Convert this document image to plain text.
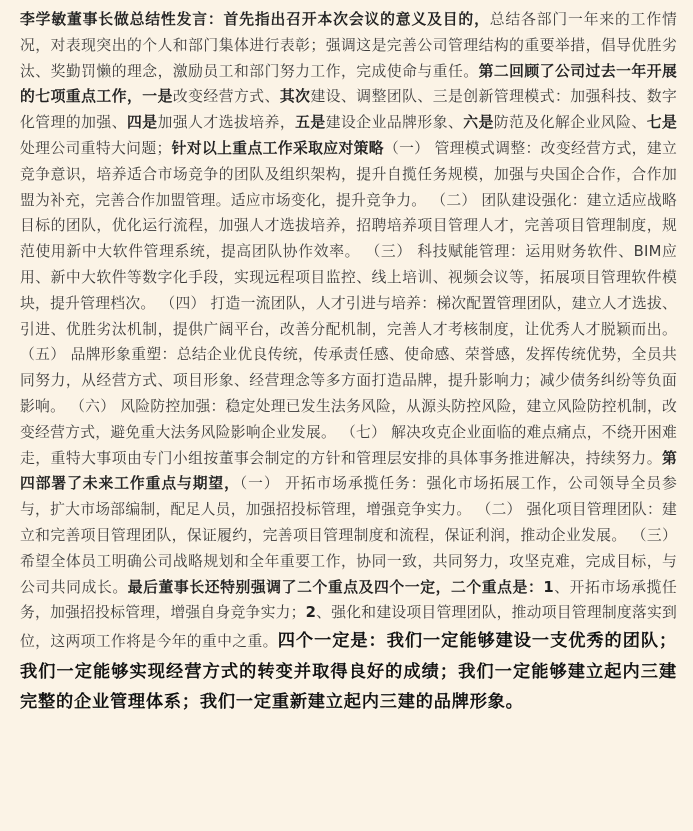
李学敏董事长做总结性发言：首先指出召开本次会议的意义及目的，总结各部门一年来的工作情况，对表现突出的个人和部门集体进行表彰；强调这是完善公司管理结构的重要举措，倡导优胜劣汰、奖勤罚懒的理念，激励员工和部门努力工作，完成使命与重任。第二回顾了公司过去一年开展的七项重点工作，一是改变经营方式、其次建设、调整团队、三是创新管理模式：加强科技、数字化管理的加强、四是加强人才选拔培养，五是建设企业品牌形象、六是防范及化解企业风险、七是处理公司重特大问题；针对以上重点工作采取应对策略（一） 管理模式调整：改变经营方式，建立竞争意识，培养适合市场竞争的团队及组织架构，提升自揽任务规模，加强与央国企合作，合作加盟为补充，完善合作加盟管理。适应市场变化，提升竞争力。 （二） 团队建设强化：建立适应战略目标的团队，优化运行流程，加强人才选拔培养，招聘培养项目管理人才，完善项目管理制度，规范使用新中大软件管理系统，提高团队协作效率。 （三） 科技赋能管理：运用财务软件、BIM应用、新中大软件等数字化手段，实现远程项目监控、线上培训、视频会议等，拓展项目管理软件模块，提升管理档次。 （四） 打造一流团队，人才引进与培养：梯次配置管理团队，建立人才选拔、引进、优胜劣汰机制，提供广阔平台，改善分配机制，完善人才考核制度，让优秀人才脱颖而出。 （五） 品牌形象重塑：总结企业优良传统，传承责任感、使命感、荣誉感，发挥传统优势，全员共同努力，从经营方式、项目形象、经营理念等多方面打造品牌，提升影响力；减少债务纠纷等负面影响。 （六） 风险防控加强：稳定处理已发生法务风险，从源头防控风险，建立风险防控机制，改变经营方式，避免重大法务风险影响企业发展。 （七） 解决攻克企业面临的难点痛点，不绕开困难走，重特大事项由专门小组按董事会制定的方针和管理层安排的具体事务推进解决，持续努力。第四部署了未来工作重点与期望，（一） 开拓市场承揽任务：强化市场拓展工作，公司领导全员参与，扩大市场部编制，配足人员，加强招投标管理，增强竞争实力。 （二） 强化项目管理团队：建立和完善项目管理团队，保证履约，完善项目管理制度和流程，保证利润，推动企业发展。 （三） 希望全体员工明确公司战略规划和全年重要工作，协同一致，共同努力，攻坚克难，完成目标，与公司共同成长。最后董事长还特别强调了二个重点及四个一定，二个重点是：1、开拓市场承揽任务，加强招投标管理，增强自身竞争实力；2、强化和建设项目管理团队，推动项目管理制度落实到位，这两项工作将是今年的重中之重。四个一定是：我们一定能够建设一支优秀的团队；我们一定能够实现经营方式的转变并取得良好的成绩；我们一定能够建立起内三建完整的企业管理体系；我们一定重新建立起内三建的品牌形象。
